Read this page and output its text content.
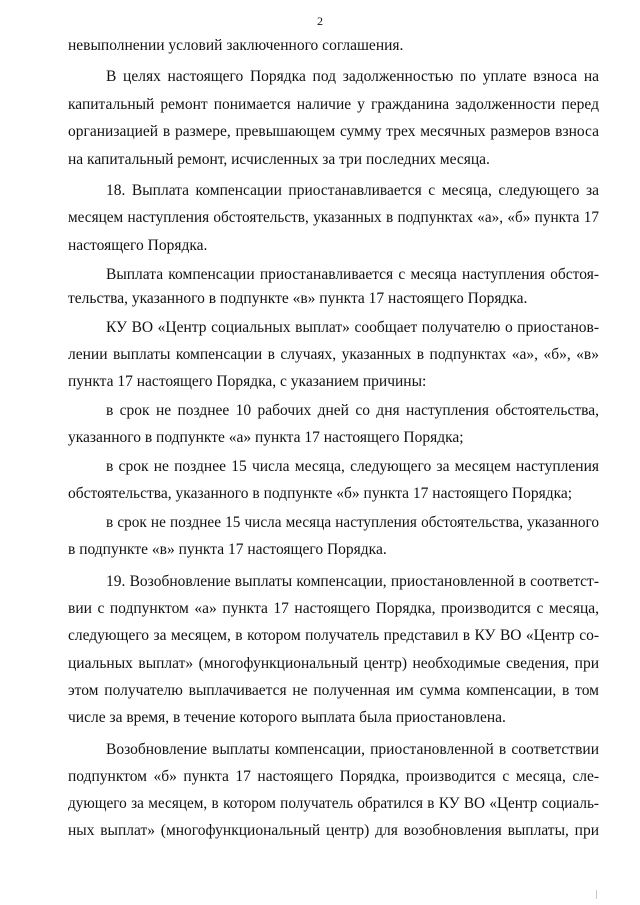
2
невыполнении условий заключенного соглашения.
В целях настоящего Порядка под задолженностью по уплате взноса на
капитальный ремонт понимается наличие у гражданина задолженности перед
организацией в размере, превышающем сумму трех месячных размеров взноса
на капитальный ремонт, исчисленных за три последних месяца.
18. Выплата компенсации приостанавливается с месяца, следующего за
месяцем наступления обстоятельств, указанных в подпунктах «а», «б» пункта 17
настоящего Порядка.
Выплата компенсации приостанавливается с месяца наступления обстоя-
тельства, указанного в подпункте «в» пункта 17 настоящего Порядка.
КУ ВО «Центр социальных выплат» сообщает получателю о приостанов-
лении выплаты компенсации в случаях, указанных в подпунктах «а», «б», «в»
пункта 17 настоящего Порядка, с указанием причины:
в срок не позднее 10 рабочих дней со дня наступления обстоятельства,
указанного в подпункте «а» пункта 17 настоящего Порядка;
в срок не позднее 15 числа месяца, следующего за месяцем наступления
обстоятельства, указанного в подпункте «б» пункта 17 настоящего Порядка;
в срок не позднее 15 числа месяца наступления обстоятельства, указанного
в подпункте «в» пункта 17 настоящего Порядка.
19. Возобновление выплаты компенсации, приостановленной в соответст-
вии с подпунктом «а» пункта 17 настоящего Порядка, производится с месяца,
следующего за месяцем, в котором получатель представил в КУ ВО «Центр со-
циальных выплат» (многофункциональный центр) необходимые сведения, при
этом получателю выплачивается не полученная им сумма компенсации, в том
числе за время, в течение которого выплата была приостановлена.
Возобновление выплаты компенсации, приостановленной в соответствии
подпунктом «б» пункта 17 настоящего Порядка, производится с месяца, сле-
дующего за месяцем, в котором получатель обратился в КУ ВО «Центр социаль-
ных выплат» (многофункциональный центр) для возобновления выплаты, при
